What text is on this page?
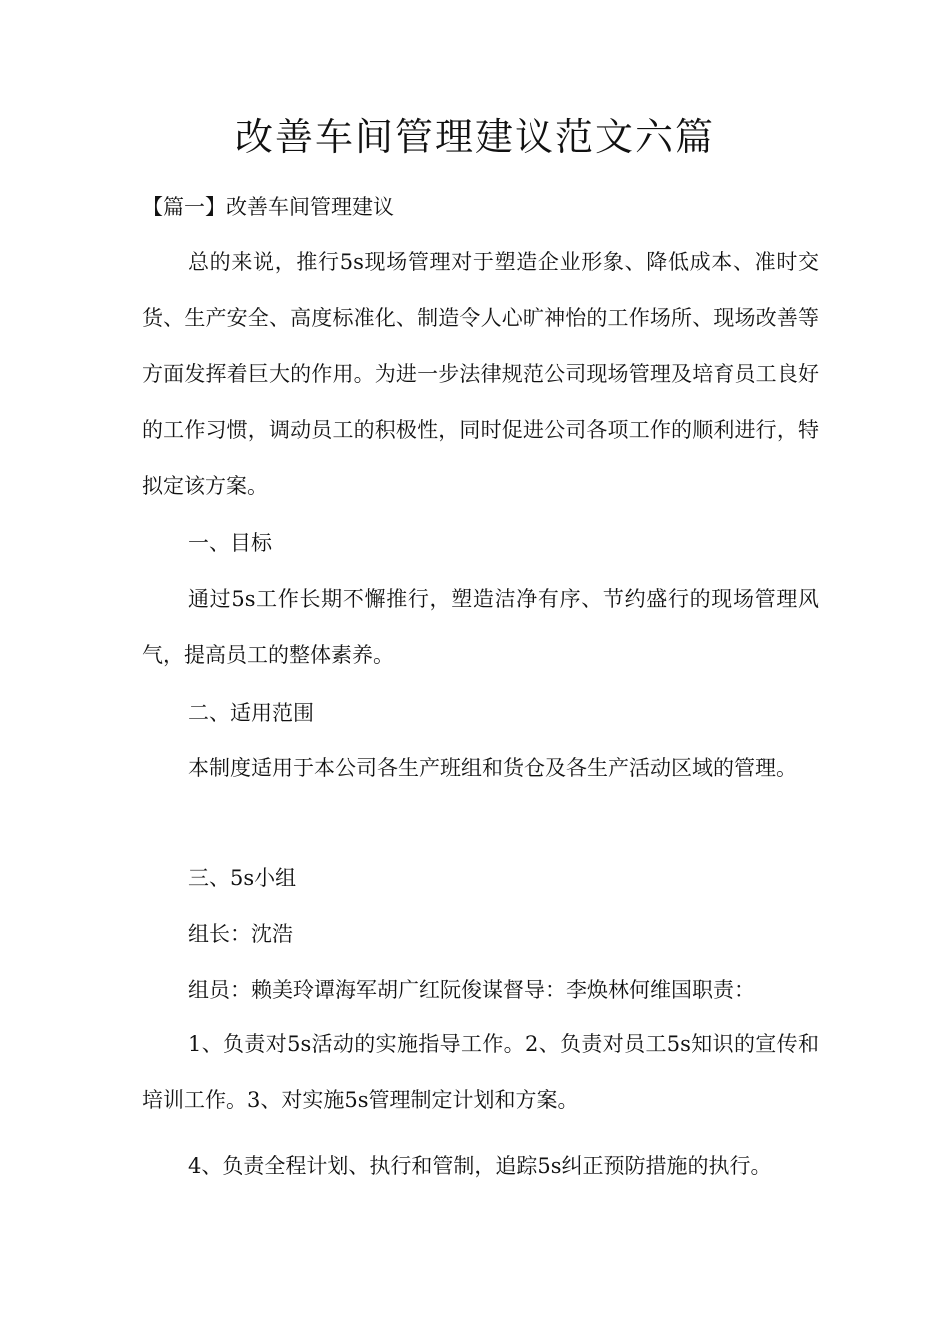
改善车间管理建议范文六篇
【篇一】改善车间管理建议

总的来说，推行5s现场管理对于塑造企业形象、降低成本、准时交货、生产安全、高度标准化、制造令人心旷神怡的工作场所、现场改善等方面发挥着巨大的作用。为进一步法律规范公司现场管理及培育员工良好的工作习惯，调动员工的积极性，同时促进公司各项工作的顺利进行，特拟定该方案。

一、目标

通过5s工作长期不懈推行，塑造洁净有序、节约盛行的现场管理风气，提高员工的整体素养。

二、适用范围

本制度适用于本公司各生产班组和货仓及各生产活动区域的管理。

三、5s小组
组长：沈浩
组员：赖美玲谭海军胡广红阮俊谋督导：李焕林何维国职责：

1、负责对5s活动的实施指导工作。2、负责对员工5s知识的宣传和培训工作。3、对实施5s管理制定计划和方案。

4、负责全程计划、执行和管制，追踪5s纠正预防措施的执行。
